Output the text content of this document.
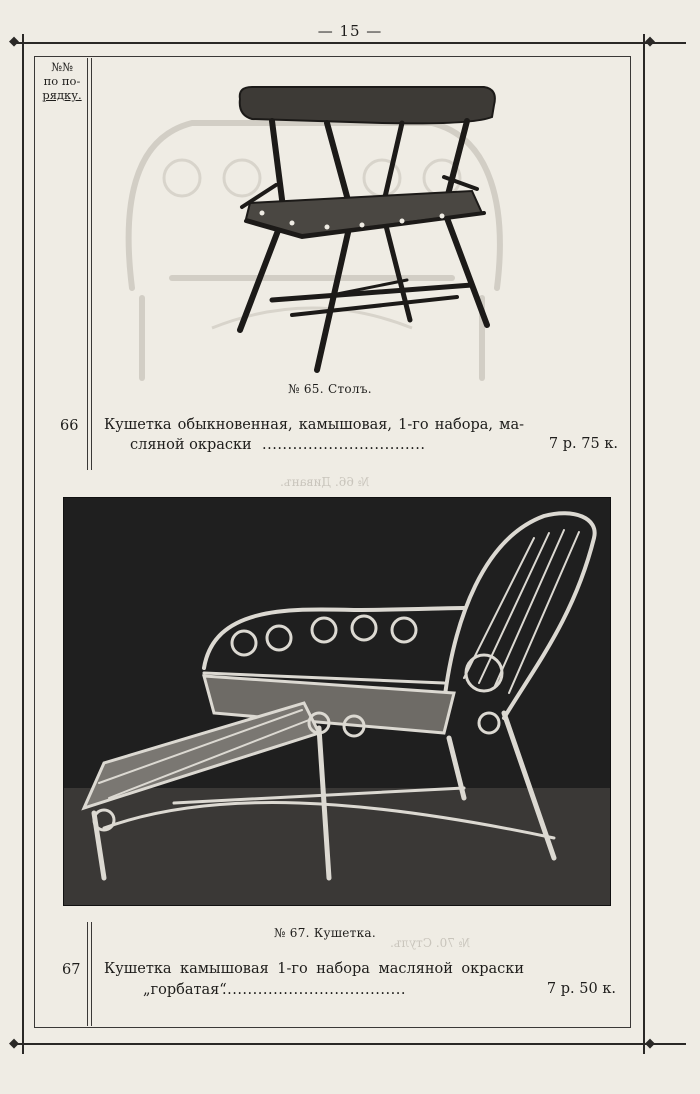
— 15 —
◆	◆
◆	◆
№№
по по-
рядку.
№ 66. Диванъ.
№ 70. Стулъ.
№ 65. Столъ.
66 Кушетка обыкновенная, камышовая, 1-го набора, ма-
сляной окраски ................................	7 р. 75 к.
№ 67. Кушетка.
67 Кушетка камышовая 1-го набора масляной окраски
„горбатая“
....................................	7 р. 50 к.
